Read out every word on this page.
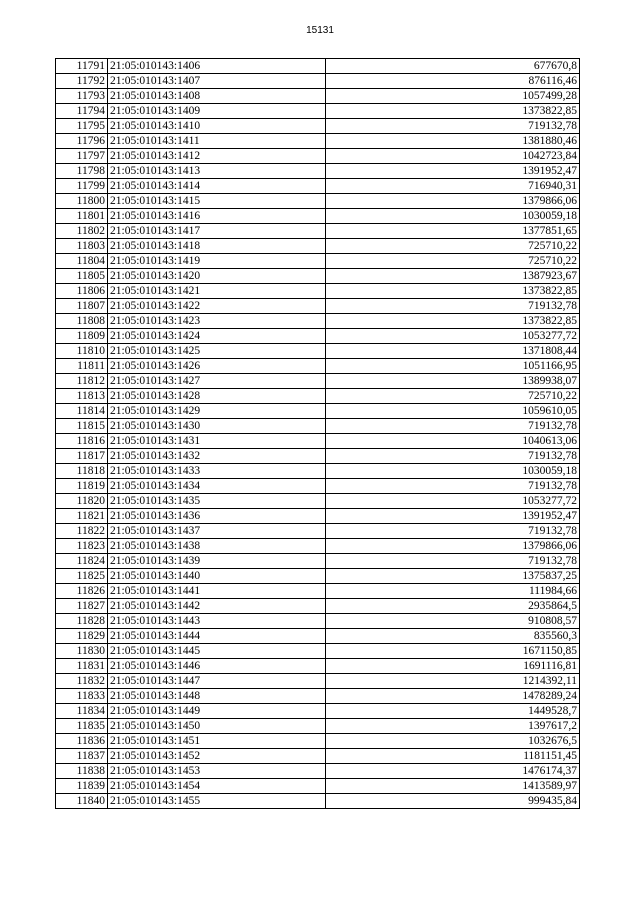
15131
11791	21:05:010143:1406	677670,8
11792	21:05:010143:1407	876116,46
11793	21:05:010143:1408	1057499,28
11794	21:05:010143:1409	1373822,85
11795	21:05:010143:1410	719132,78
11796	21:05:010143:1411	1381880,46
11797	21:05:010143:1412	1042723,84
11798	21:05:010143:1413	1391952,47
11799	21:05:010143:1414	716940,31
11800	21:05:010143:1415	1379866,06
11801	21:05:010143:1416	1030059,18
11802	21:05:010143:1417	1377851,65
11803	21:05:010143:1418	725710,22
11804	21:05:010143:1419	725710,22
11805	21:05:010143:1420	1387923,67
11806	21:05:010143:1421	1373822,85
11807	21:05:010143:1422	719132,78
11808	21:05:010143:1423	1373822,85
11809	21:05:010143:1424	1053277,72
11810	21:05:010143:1425	1371808,44
11811	21:05:010143:1426	1051166,95
11812	21:05:010143:1427	1389938,07
11813	21:05:010143:1428	725710,22
11814	21:05:010143:1429	1059610,05
11815	21:05:010143:1430	719132,78
11816	21:05:010143:1431	1040613,06
11817	21:05:010143:1432	719132,78
11818	21:05:010143:1433	1030059,18
11819	21:05:010143:1434	719132,78
11820	21:05:010143:1435	1053277,72
11821	21:05:010143:1436	1391952,47
11822	21:05:010143:1437	719132,78
11823	21:05:010143:1438	1379866,06
11824	21:05:010143:1439	719132,78
11825	21:05:010143:1440	1375837,25
11826	21:05:010143:1441	111984,66
11827	21:05:010143:1442	2935864,5
11828	21:05:010143:1443	910808,57
11829	21:05:010143:1444	835560,3
11830	21:05:010143:1445	1671150,85
11831	21:05:010143:1446	1691116,81
11832	21:05:010143:1447	1214392,11
11833	21:05:010143:1448	1478289,24
11834	21:05:010143:1449	1449528,7
11835	21:05:010143:1450	1397617,2
11836	21:05:010143:1451	1032676,5
11837	21:05:010143:1452	1181151,45
11838	21:05:010143:1453	1476174,37
11839	21:05:010143:1454	1413589,97
11840	21:05:010143:1455	999435,84
